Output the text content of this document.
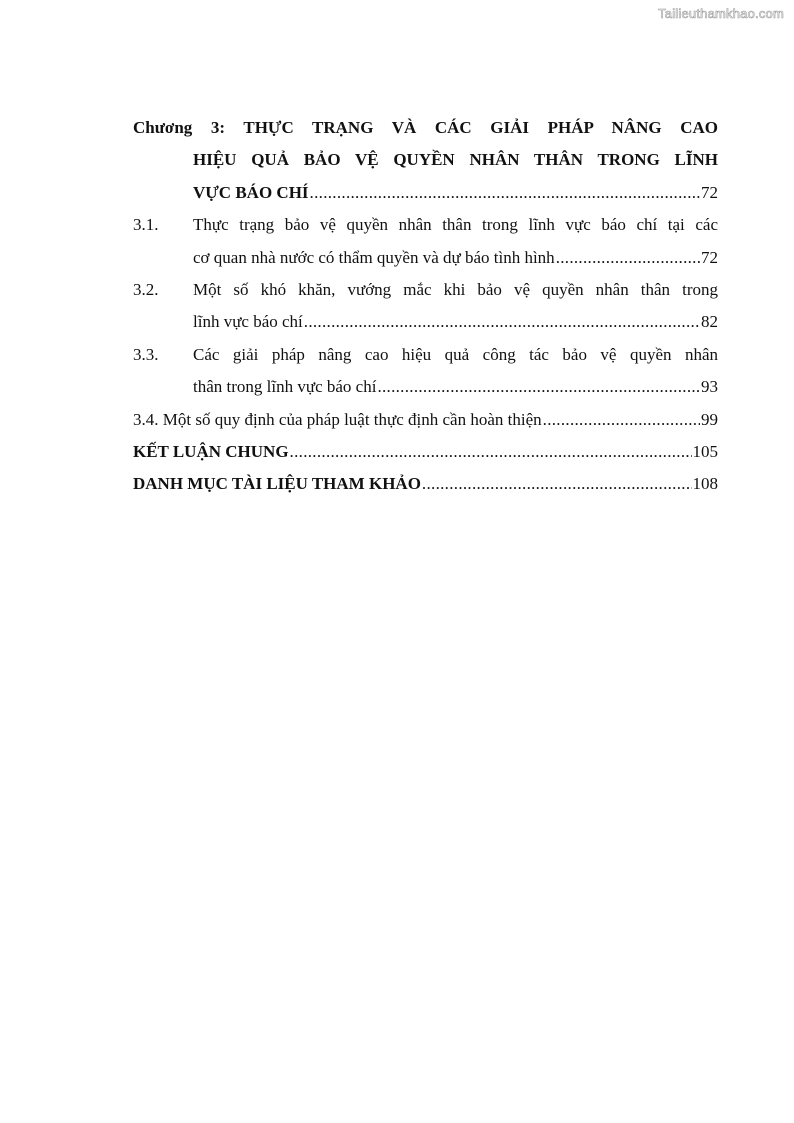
Tailieuthamkhao.com
Chương 3: THỰC TRẠNG VÀ CÁC GIẢI PHÁP NÂNG CAO
HIỆU QUẢ BẢO VỆ QUYỀN NHÂN THÂN TRONG LĨNH
VỰC BÁO CHÍ .....	72
3.1. Thực trạng bảo vệ quyền nhân thân trong lĩnh vực báo chí tại các
cơ quan nhà nước có thẩm quyền và dự báo tình hình .....	72
3.2. Một số khó khăn, vướng mắc khi bảo vệ quyền nhân thân trong
lĩnh vực báo chí .....	82
3.3. Các giải pháp nâng cao hiệu quả công tác bảo vệ quyền nhân
thân trong lĩnh vực báo chí .....	93
3.4. Một số quy định của pháp luật thực định cần hoàn thiện .....	99
KẾT LUẬN CHUNG .....	105
DANH MỤC TÀI LIỆU THAM KHẢO .....	108
